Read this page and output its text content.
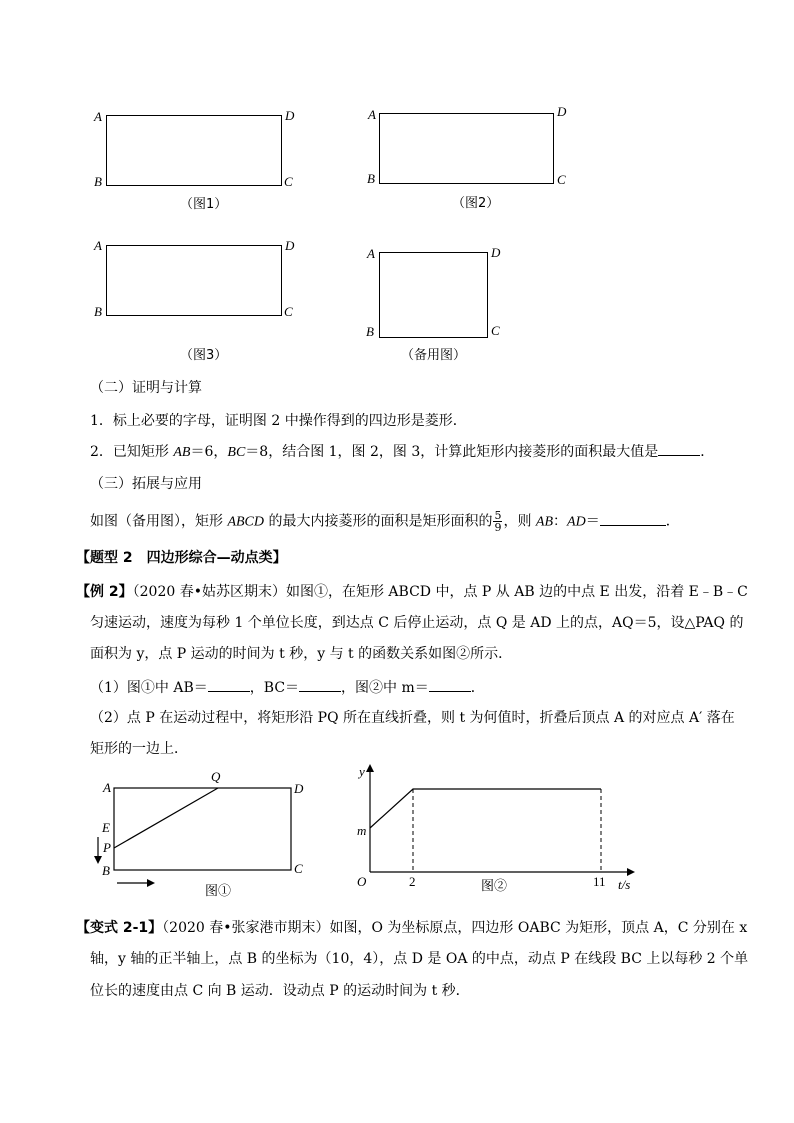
A
B	C
D
（图1）
A
B	C
D
（图2）
A
B	C
D
（图3）
A
B	C
D
（备用图）
（二）证明与计算
1．标上必要的字母，证明图 2 中操作得到的四边形是菱形．
2．已知矩形 AB＝6，BC＝8，结合图 1，图 2，图 3，计算此矩形内接菱形的面积最大值是	．
（三）拓展与应用
如图（备用图），矩形 ABCD 的最大内接菱形的面积是矩形面积的 $\frac{5}{9}$ ，则 AB：AD＝	．
【题型 2　四边形综合—动点类】
【例 2】（2020 春•姑苏区期末）如图①，在矩形 ABCD 中，点 P 从 AB 边的中点 E 出发，沿着 E﹣B﹣C
匀速运动，速度为每秒 1 个单位长度，到达点 C 后停止运动，点 Q 是 AD 上的点，AQ＝5，设△PAQ 的
面积为 y，点 P 运动的时间为 t 秒，y 与 t 的函数关系如图②所示．
（1）图①中 AB＝	，BC＝	，图②中 m＝	．
（2）点 P 在运动过程中，将矩形沿 PQ 所在直线折叠，则 t 为何值时，折叠后顶点 A 的对应点 A′ 落在
矩形的一边上．
A
B	C
D
Q
E
P
图①
y
m
O	2	11 t/s
图②
【变式 2-1】（2020 春•张家港市期末）如图，O 为坐标原点，四边形 OABC 为矩形，顶点 A，C 分别在 x
轴，y 轴的正半轴上，点 B 的坐标为（10，4），点 D 是 OA 的中点，动点 P 在线段 BC 上以每秒 2 个单
位长的速度由点 C 向 B 运动．设动点 P 的运动时间为 t 秒．
